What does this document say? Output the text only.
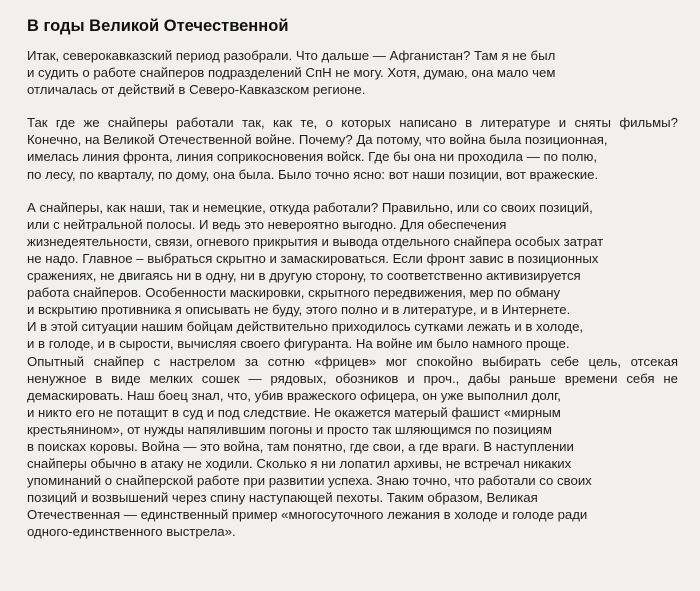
В годы Великой Отечественной

Итак, северокавказский период разобрали. Что дальше — Афганистан? Там я не был
и судить о работе снайперов подразделений СпН не могу. Хотя, думаю, она мало чем
отличалась от действий в Северо-Кавказском регионе.

Так где же снайперы работали так, как те, о которых написано в литературе и сняты фильмы?
Конечно, на Великой Отечественной войне. Почему? Да потому, что война была позиционная,
имелась линия фронта, линия соприкосновения войск. Где бы она ни проходила — по полю,
по лесу, по кварталу, по дому, она была. Было точно ясно: вот наши позиции, вот вражеские.

А снайперы, как наши, так и немецкие, откуда работали? Правильно, или со своих позиций,
или с нейтральной полосы. И ведь это невероятно выгодно. Для обеспечения
жизнедеятельности, связи, огневого прикрытия и вывода отдельного снайпера особых затрат
не надо. Главное – выбраться скрытно и замаскироваться. Если фронт завис в позиционных
сражениях, не двигаясь ни в одну, ни в другую сторону, то соответственно активизируется
работа снайперов. Особенности маскировки, скрытного передвижения, мер по обману
и вскрытию противника я описывать не буду, этого полно и в литературе, и в Интернете.
И в этой ситуации нашим бойцам действительно приходилось сутками лежать и в холоде,
и в голоде, и в сырости, вычисляя своего фигуранта. На войне им было намного проще.
Опытный снайпер с настрелом за сотню «фрицев» мог спокойно выбирать себе цель, отсекая
ненужное в виде мелких сошек — рядовых, обозников и проч., дабы раньше времени себя не
демаскировать. Наш боец знал, что, убив вражеского офицера, он уже выполнил долг,
и никто его не потащит в суд и под следствие. Не окажется матерый фашист «мирным
крестьянином», от нужды напялившим погоны и просто так шляющимся по позициям
в поисках коровы. Война — это война, там понятно, где свои, а где враги. В наступлении
снайперы обычно в атаку не ходили. Сколько я ни лопатил архивы, не встречал никаких
упоминаний о снайперской работе при развитии успеха. Знаю точно, что работали со своих
позиций и возвышений через спину наступающей пехоты. Таким образом, Великая
Отечественная — единственный пример «многосуточного лежания в холоде и голоде ради
одного-единственного выстрела».
